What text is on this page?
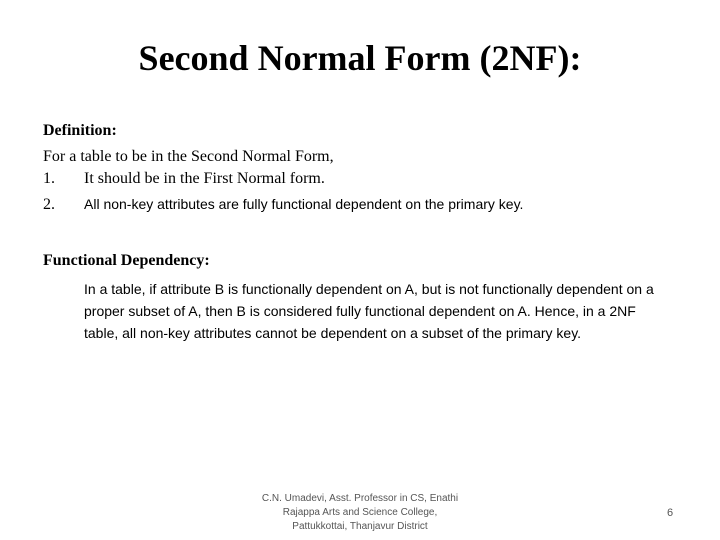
Second Normal Form (2NF):
Definition:
For a table to be in the Second Normal Form,
1. It should be in the First Normal form.
2. All non-key attributes are fully functional dependent on the primary key.
Functional Dependency:

In a table, if attribute B is functionally dependent on A, but is not functionally dependent on a proper subset of A, then B is considered fully functional dependent on A. Hence, in a 2NF table, all non-key attributes cannot be dependent on a subset of the primary key.

C.N. Umadevi, Asst. Professor in CS, Enathi
Rajappa Arts and Science College,
Pattukkottai, Thanjavur District
6
